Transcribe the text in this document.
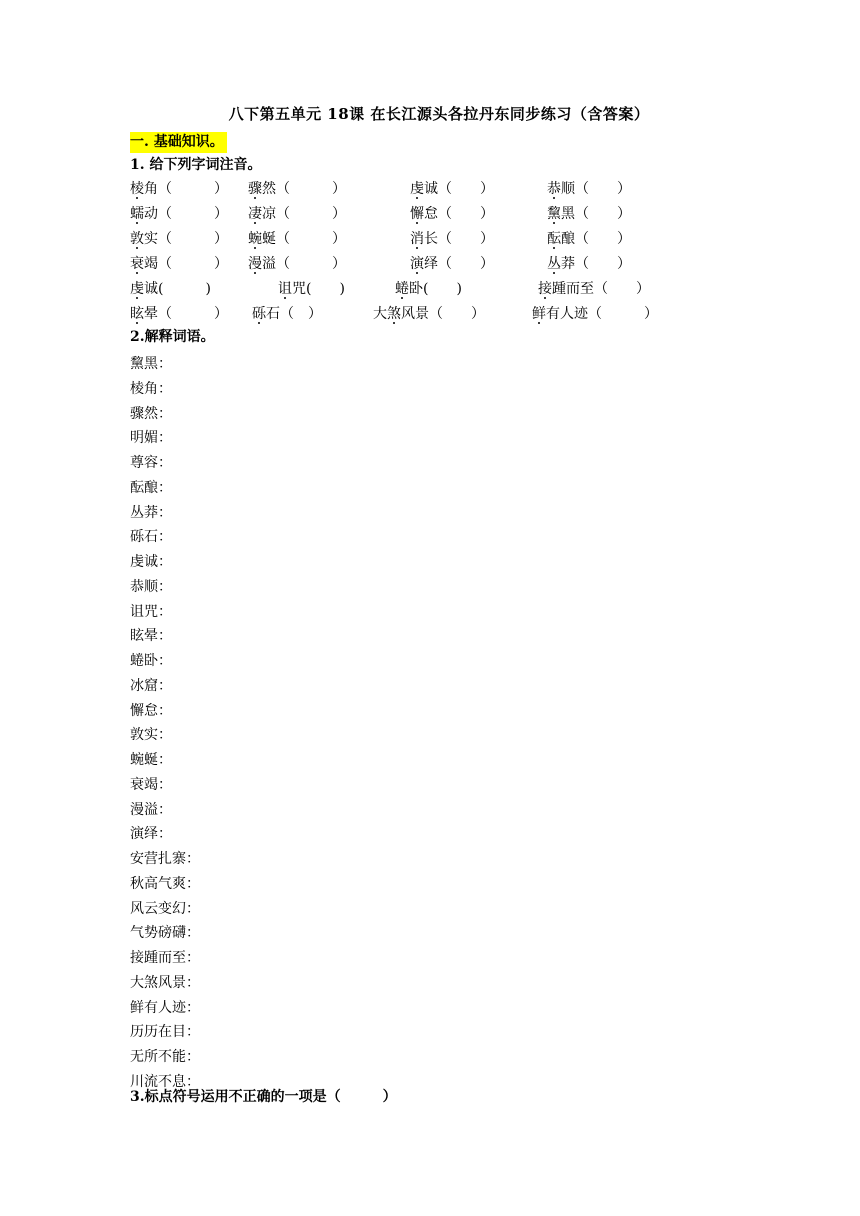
八下第五单元 18课 在长江源头各拉丹东同步练习（含答案）
一. 基础知识。
1. 给下列字词注音。
棱角（　　　） 骤然（　　　）	虔诚（　　）	恭顺（　　）
蠕动（　　　） 凄凉（　　　）	懈怠（　　）	黧黑（　　）
敦实（　　　） 蜿蜒（　　　）	消长（　　）	酝酿（　　）
衰竭（　　　） 漫溢（　　　）	演绎（　　）	丛莽（　　）
虔诚(　　　)	诅咒(　　)	蜷卧(　　)	接踵而至（　　）
眩晕（　　　） 砾石（　）	大煞风景（　　）	鲜有人迹（　　　）
2.解释词语。
黧黑：
棱角：
骤然：
明媚：
尊容：
酝酿：
丛莽：
砾石：
虔诚：
恭顺：
诅咒：
眩晕：
蜷卧：
冰窟：
懈怠：
敦实：
蜿蜒：
衰竭：
漫溢：
演绎：
安营扎寨：
秋高气爽：
风云变幻：
气势磅礴：
接踵而至：
大煞风景：
鲜有人迹：
历历在目：
无所不能：
川流不息：
3.标点符号运用不正确的一项是（　　　）
